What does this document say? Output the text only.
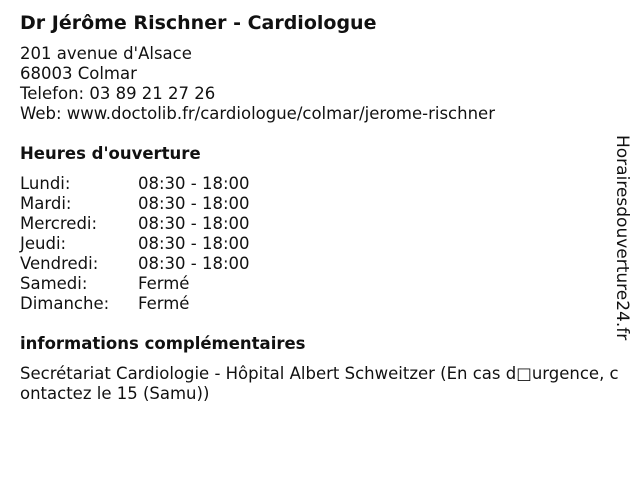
Dr Jérôme Rischner - Cardiologue
201 avenue d'Alsace
68003 Colmar
Telefon: 03 89 21 27 26
Web: www.doctolib.fr/cardiologue/colmar/jerome-rischner
Heures d'ouverture
Lundi:	08:30 - 18:00
Mardi:	08:30 - 18:00
Mercredi: 08:30 - 18:00
Jeudi:	08:30 - 18:00
Vendredi: 08:30 - 18:00
Samedi:	Fermé
Dimanche: Fermé
informations complémentaires
Secrétariat Cardiologie - Hôpital Albert Schweitzer (En cas d□urgence, contactez le 15 (Samu))
Horairesdouverture24.fr
